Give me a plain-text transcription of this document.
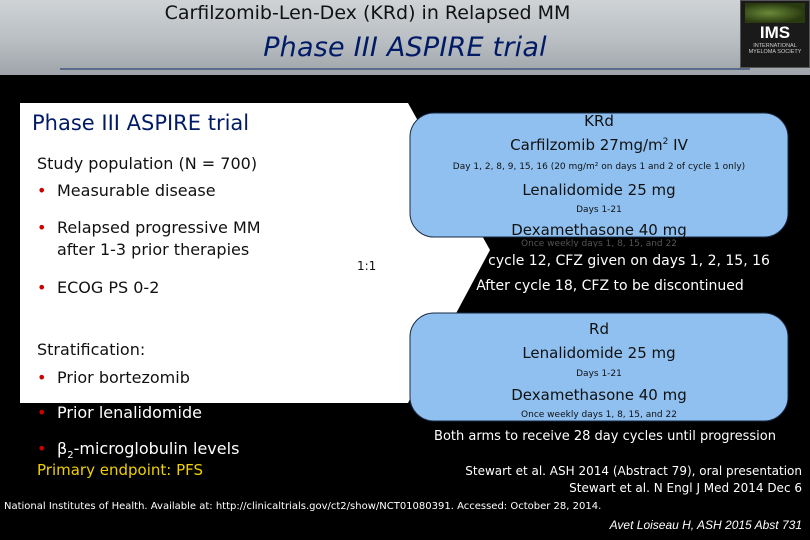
Carfilzomib-Len-Dex (KRd) in Relapsed MM
Phase III ASPIRE trial	IMS
INTERNATIONAL MYELOMA SOCIETY
Phase III ASPIRE trial
Study population (N = 700)
• Measurable disease
• Relapsed progressive MM
after 1-3 prior therapies
• ECOG PS 0-2
Stratification:
• Prior bortezomib
• Prior lenalidomide
• $\beta_2$-microglobulin levels
Primary endpoint: PFS
1:1
KRd
Carfilzomib $27mg/m^2$ IV
Day 1, 2, 8, 9, 15, 16 (20 mg/m² on days 1 and 2 of cycle 1 only)
Lenalidomide 25 mg
Days 1-21
Dexamethasone 40 mg
Once weekly days 1, 8, 15, and 22
After cycle 12, CFZ given on days 1, 2, 15, 16
After cycle 18, CFZ to be discontinued
Rd
Lenalidomide 25 mg
Days 1-21
Dexamethasone 40 mg
Once weekly days 1, 8, 15, and 22
Both arms to receive 28 day cycles until progression
Stewart et al. ASH 2014 (Abstract 79), oral presentation
Stewart et al. N Engl J Med 2014 Dec 6
National Institutes of Health. Available at: http://clinicaltrials.gov/ct2/show/NCT01080391. Accessed: October 28, 2014.
Avet Loiseau H, ASH 2015 Abst 731
